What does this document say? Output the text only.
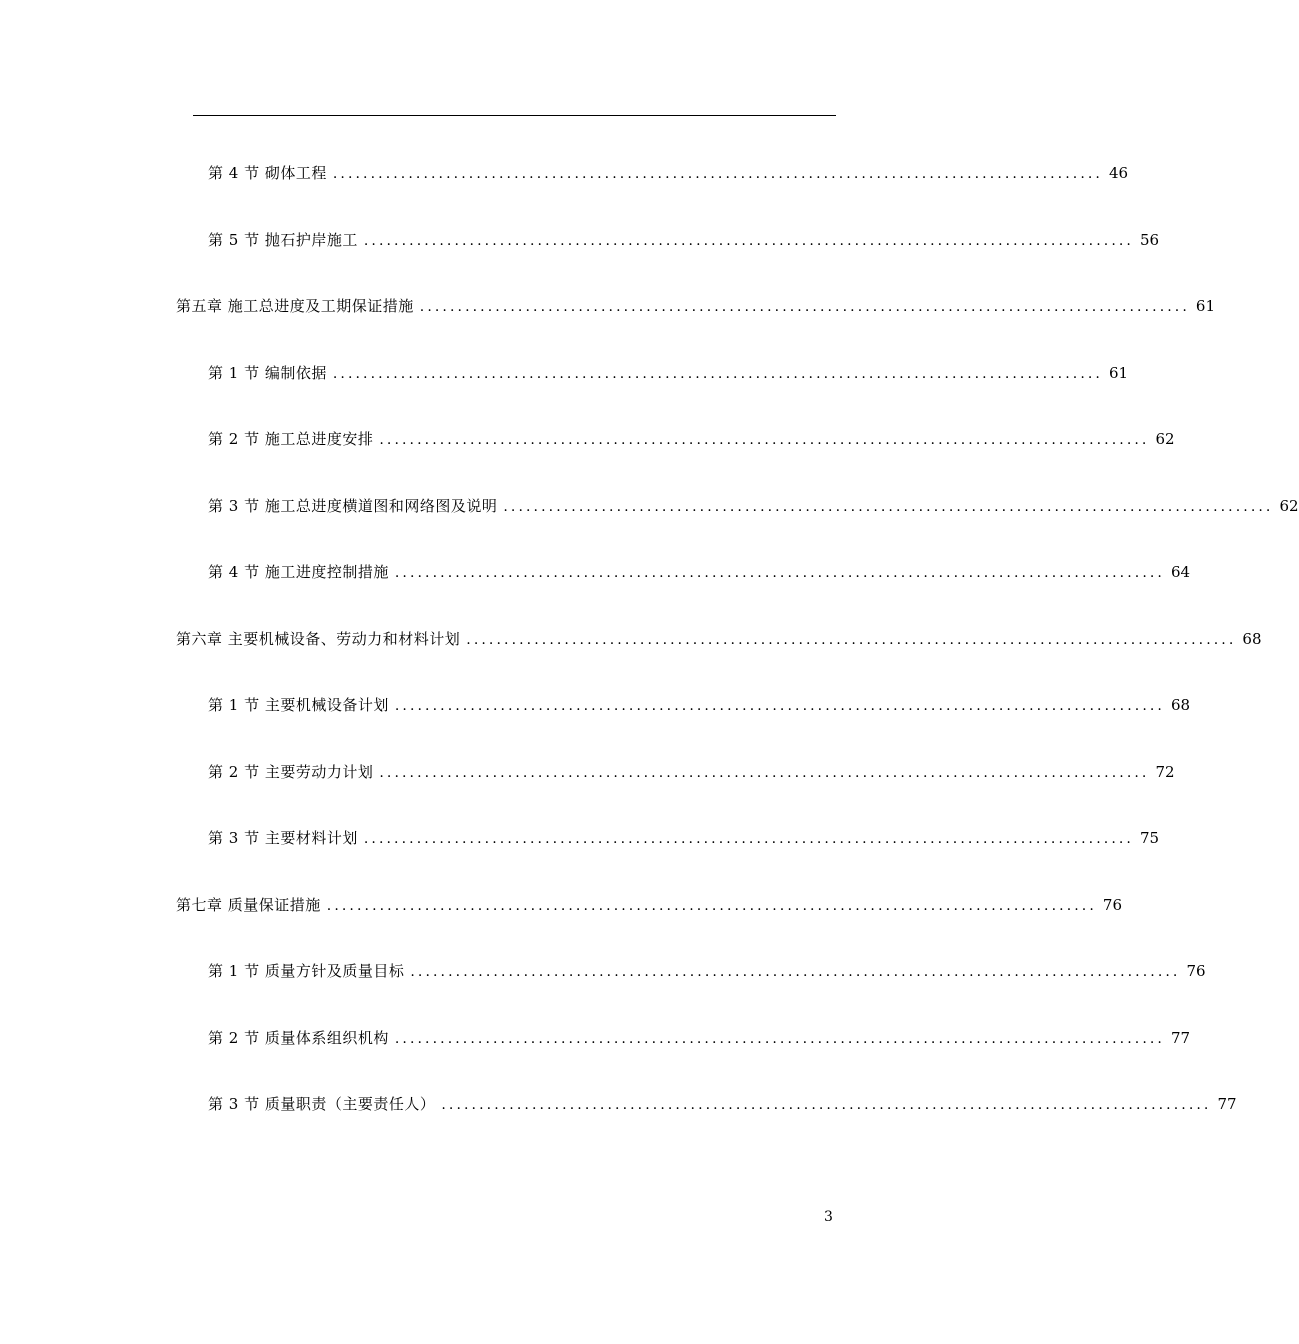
第 4 节 砌体工程 ...................................................................................................... 46
第 5 节 抛石护岸施工 ...................................................................................................... 56
第五章 施工总进度及工期保证措施 ...................................................................................................... 61
第 1 节 编制依据 ...................................................................................................... 61
第 2 节 施工总进度安排 ...................................................................................................... 62
第 3 节 施工总进度横道图和网络图及说明 ...................................................................................................... 62
第 4 节 施工进度控制措施 ...................................................................................................... 64
第六章 主要机械设备、劳动力和材料计划 ...................................................................................................... 68
第 1 节 主要机械设备计划 ...................................................................................................... 68
第 2 节 主要劳动力计划 ...................................................................................................... 72
第 3 节 主要材料计划 ...................................................................................................... 75
第七章 质量保证措施 ...................................................................................................... 76
第 1 节 质量方针及质量目标 ...................................................................................................... 76
第 2 节 质量体系组织机构 ...................................................................................................... 77
第 3 节 质量职责（主要责任人） ...................................................................................................... 77
3
